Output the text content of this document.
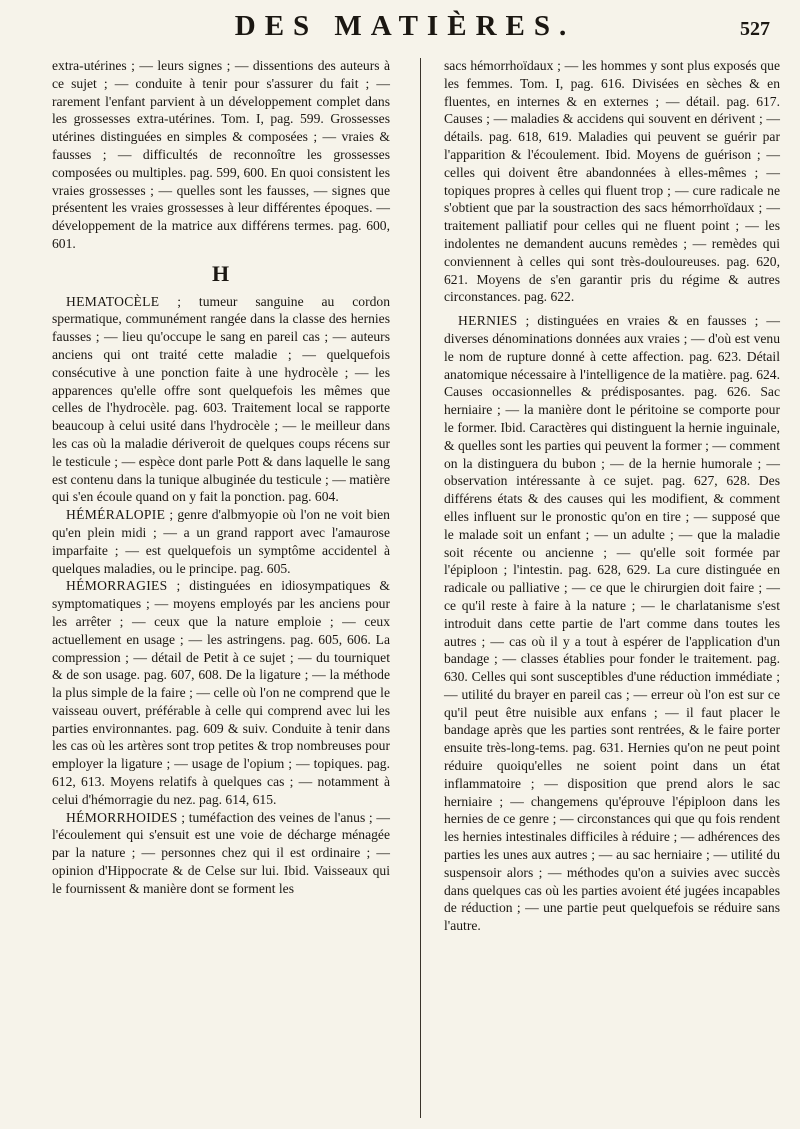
DES MATIÈRES.	527

extra-utérines ; — leurs signes ; — dissentions des auteurs à ce sujet ; — conduite à tenir pour s'assurer du fait ; — rarement l'enfant parvient à un développement complet dans les grossesses extra-utérines. Tom. I, pag. 599. Grossesses utérines distinguées en simples & composées ; — vraies & fausses ; — difficultés de reconnoître les grossesses composées ou multiples. pag. 599, 600. En quoi consistent les vraies grossesses ; — quelles sont les fausses, — signes que présentent les vraies grossesses à leur différentes époques. — développement de la matrice aux différens termes. pag. 600, 601.

H

HEMATOCÈLE ; tumeur sanguine au cordon spermatique, communément rangée dans la classe des hernies fausses ; — lieu qu'occupe le sang en pareil cas ; — auteurs anciens qui ont traité cette maladie ; — quelquefois consécutive à une ponction faite à une hydrocèle ; — les apparences qu'elle offre sont quelquefois les mêmes que celles de l'hydrocèle. pag. 603. Traitement local se rapporte beaucoup à celui usité dans l'hydrocèle ; — le meilleur dans les cas où la maladie dériveroit de quelques coups récens sur le testicule ; — espèce dont parle Pott & dans laquelle le sang est contenu dans la tunique albuginée du testicule ; — matière qui s'en écoule quand on y fait la ponction. pag. 604.

HÉMÉRALOPIE ; genre d'albmyopie où l'on ne voit bien qu'en plein midi ; — a un grand rapport avec l'amaurose imparfaite ; — est quelquefois un symptôme accidentel à quelques maladies, ou le principe. pag. 605.

HÉMORRAGIES ; distinguées en idiosympatiques & symptomatiques ; — moyens employés par les anciens pour les arrêter ; — ceux que la nature emploie ; — ceux actuellement en usage ; — les astringens. pag. 605, 606. La compression ; — détail de Petit à ce sujet ; — du tourniquet & de son usage. pag. 607, 608. De la ligature ; — la méthode la plus simple de la faire ; — celle où l'on ne comprend que le vaisseau ouvert, préférable à celle qui comprend avec lui les parties environnantes. pag. 609 & suiv. Conduite à tenir dans les cas où les artères sont trop petites & trop nombreuses pour employer la ligature ; — usage de l'opium ; — topiques. pag. 612, 613. Moyens relatifs à quelques cas ; — notamment à celui d'hémorragie du nez. pag. 614, 615.

HÉMORRHOIDES ; tuméfaction des veines de l'anus ; — l'écoulement qui s'ensuit est une voie de décharge ménagée par la nature ; — personnes chez qui il est ordinaire ; — opinion d'Hippocrate & de Celse sur lui. Ibid. Vaisseaux qui le fournissent & manière dont se forment les

sacs hémorrhoïdaux ; — les hommes y sont plus exposés que les femmes. Tom. I, pag. 616. Divisées en sèches & en fluentes, en internes & en externes ; — détail. pag. 617. Causes ; — maladies & accidens qui souvent en dérivent ; — détails. pag. 618, 619. Maladies qui peuvent se guérir par l'apparition & l'écoulement. Ibid. Moyens de guérison ; — celles qui doivent être abandonnées à elles-mêmes ; — topiques propres à celles qui fluent trop ; — cure radicale ne s'obtient que par la soustraction des sacs hémorrhoïdaux ; — traitement palliatif pour celles qui ne fluent point ; — les indolentes ne demandent aucuns remèdes ; — remèdes qui conviennent à celles qui sont très-douloureuses. pag. 620, 621. Moyens de s'en garantir pris du régime & autres circonstances. pag. 622.

HERNIES ; distinguées en vraies & en fausses ; — diverses dénominations données aux vraies ; — d'où est venu le nom de rupture donné à cette affection. pag. 623. Détail anatomique nécessaire à l'intelligence de la matière. pag. 624. Causes occasionnelles & prédisposantes. pag. 626. Sac herniaire ; — la manière dont le péritoine se comporte pour le former. Ibid. Caractères qui distinguent la hernie inguinale, & quelles sont les parties qui peuvent la former ; — comment on la distinguera du bubon ; — de la hernie humorale ; — observation intéressante à ce sujet. pag. 627, 628. Des différens états & des causes qui les modifient, & comment elles influent sur le pronostic qu'on en tire ; — supposé que le malade soit un enfant ; — un adulte ; — que la maladie soit récente ou ancienne ; — qu'elle soit formée par l'épiploon ; l'intestin. pag. 628, 629. La cure distinguée en radicale ou palliative ; — ce que le chirurgien doit faire ; — ce qu'il reste à faire à la nature ; — le charlatanisme s'est introduit dans cette partie de l'art comme dans toutes les autres ; — cas où il y a tout à espérer de l'application d'un bandage ; — classes établies pour fonder le traitement. pag. 630. Celles qui sont susceptibles d'une réduction immédiate ; — utilité du brayer en pareil cas ; — erreur où l'on est sur ce qu'il peut être nuisible aux enfans ; — il faut placer le bandage après que les parties sont rentrées, & le faire porter ensuite très-long-tems. pag. 631. Hernies qu'on ne peut point réduire quoiqu'elles ne soient point dans un état inflammatoire ; — disposition que prend alors le sac herniaire ; — changemens qu'éprouve l'épiploon dans les hernies de ce genre ; — circonstances qui que qu fois rendent les hernies intestinales difficiles à réduire ; — adhérences des parties les unes aux autres ; — au sac herniaire ; — utilité du suspensoir alors ; — méthodes qu'on a suivies avec succès dans quelques cas où les parties avoient été jugées incapables de réduction ; — une partie peut quelquefois se réduire sans l'autre.
